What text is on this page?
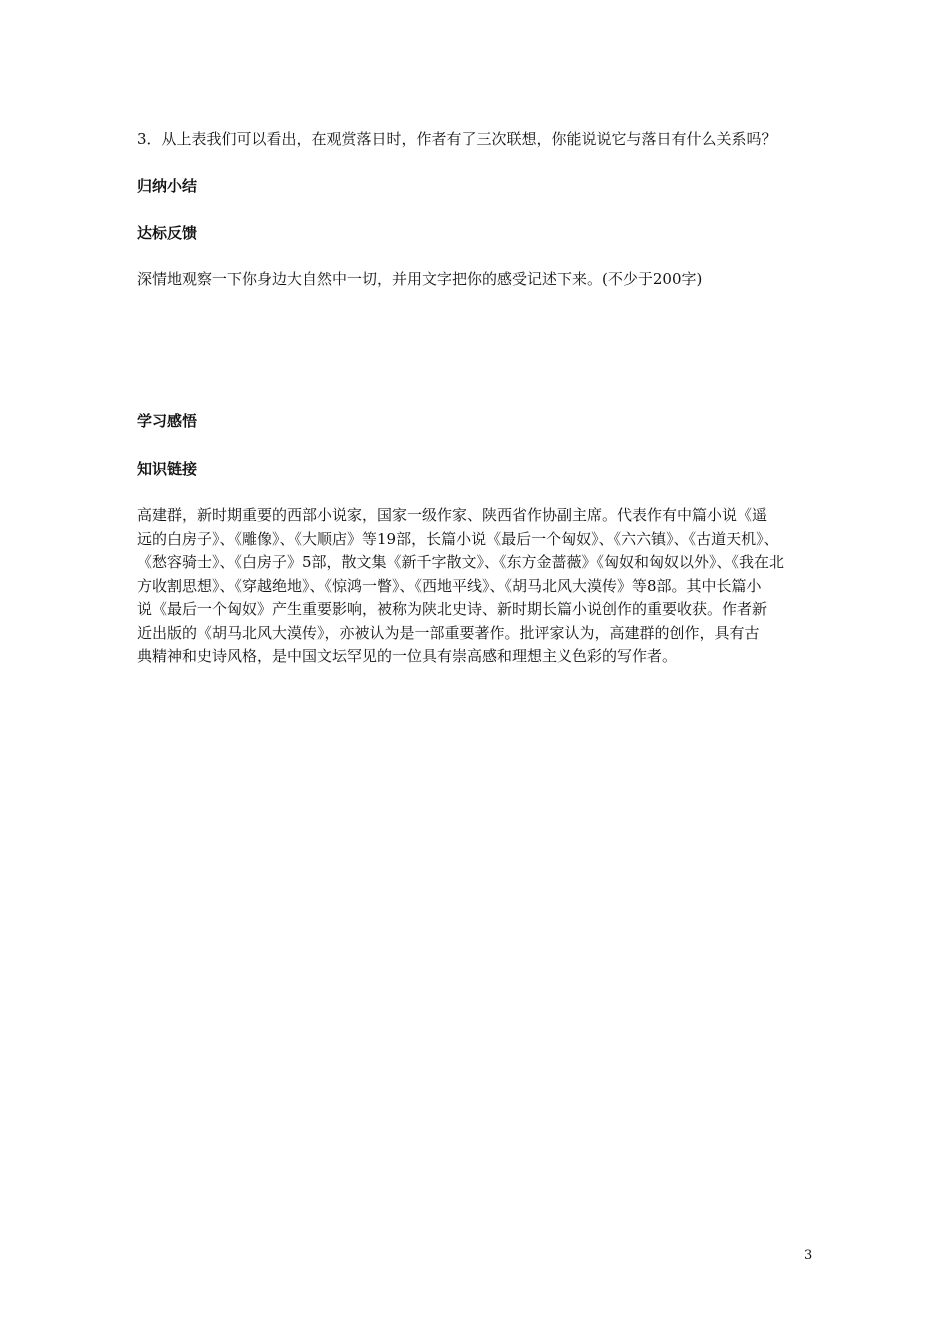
3．从上表我们可以看出，在观赏落日时，作者有了三次联想，你能说说它与落日有什么关系吗？
归纳小结
达标反馈
深情地观察一下你身边大自然中一切，并用文字把你的感受记述下来。(不少于200字)
学习感悟
知识链接
高建群，新时期重要的西部小说家，国家一级作家、陕西省作协副主席。代表作有中篇小说《遥
远的白房子》、《雕像》、《大顺店》等19部，长篇小说《最后一个匈奴》、《六六镇》、《古道天机》、
《愁容骑士》、《白房子》5部，散文集《新千字散文》、《东方金蔷薇》《匈奴和匈奴以外》、《我在北
方收割思想》、《穿越绝地》、《惊鸿一瞥》、《西地平线》、《胡马北风大漠传》等8部。其中长篇小
说《最后一个匈奴》产生重要影响，被称为陕北史诗、新时期长篇小说创作的重要收获。作者新
近出版的《胡马北风大漠传》，亦被认为是一部重要著作。批评家认为，高建群的创作，具有古
典精神和史诗风格，是中国文坛罕见的一位具有崇高感和理想主义色彩的写作者。
3
